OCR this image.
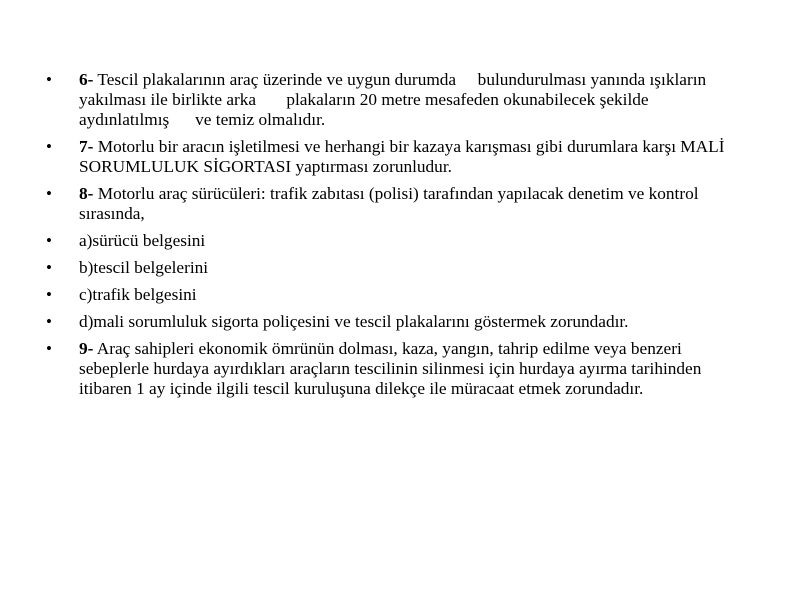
• 6- Tescil plakalarının araç üzerinde ve uygun durumda     bulundurulması yanında ışıkların yakılması ile birlikte arka       plakaların 20 metre mesafeden okunabilecek şekilde aydınlatılmış      ve temiz olmalıdır.
• 7- Motorlu bir aracın işletilmesi ve herhangi bir kazaya karışması gibi durumlara karşı MALİ SORUMLULUK SİGORTASI yaptırması zorunludur.
• 8- Motorlu araç sürücüleri: trafik zabıtası (polisi) tarafından yapılacak denetim ve kontrol sırasında,
• a)sürücü belgesini
• b)tescil belgelerini
• c)trafik belgesini
• d)mali sorumluluk sigorta poliçesini ve tescil plakalarını göstermek zorundadır.
• 9- Araç sahipleri ekonomik ömrünün dolması, kaza, yangın, tahrip edilme veya benzeri sebeplerle hurdaya ayırdıkları araçların tescilinin silinmesi için hurdaya ayırma tarihinden itibaren 1 ay içinde ilgili tescil kuruluşuna dilekçe ile müracaat etmek zorundadır.
